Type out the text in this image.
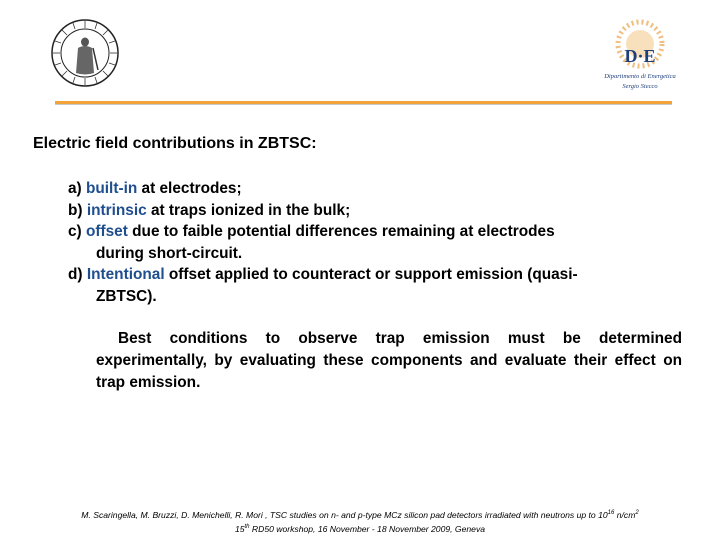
D·E
Dipartimento di Energetica
Sergio Stecco
Electric field contributions in ZBTSC:
a) built-in at electrodes;
b) intrinsic at traps ionized in the bulk;
c) offset due to faible potential differences remaining at electrodes
during short-circuit.
d) Intentional offset applied to counteract or support emission (quasi-
ZBTSC).
Best conditions to observe trap emission must be determined experimentally, by evaluating these components and evaluate their effect on trap emission.
M. Scaringella, M. Bruzzi, D. Menichelli, R. Mori , TSC studies on n- and p-type MCz silicon pad detectors irradiated with neutrons up to $10^{16}$ $n/cm^2$
15th RD50 workshop, 16 November - 18 November 2009, Geneva
